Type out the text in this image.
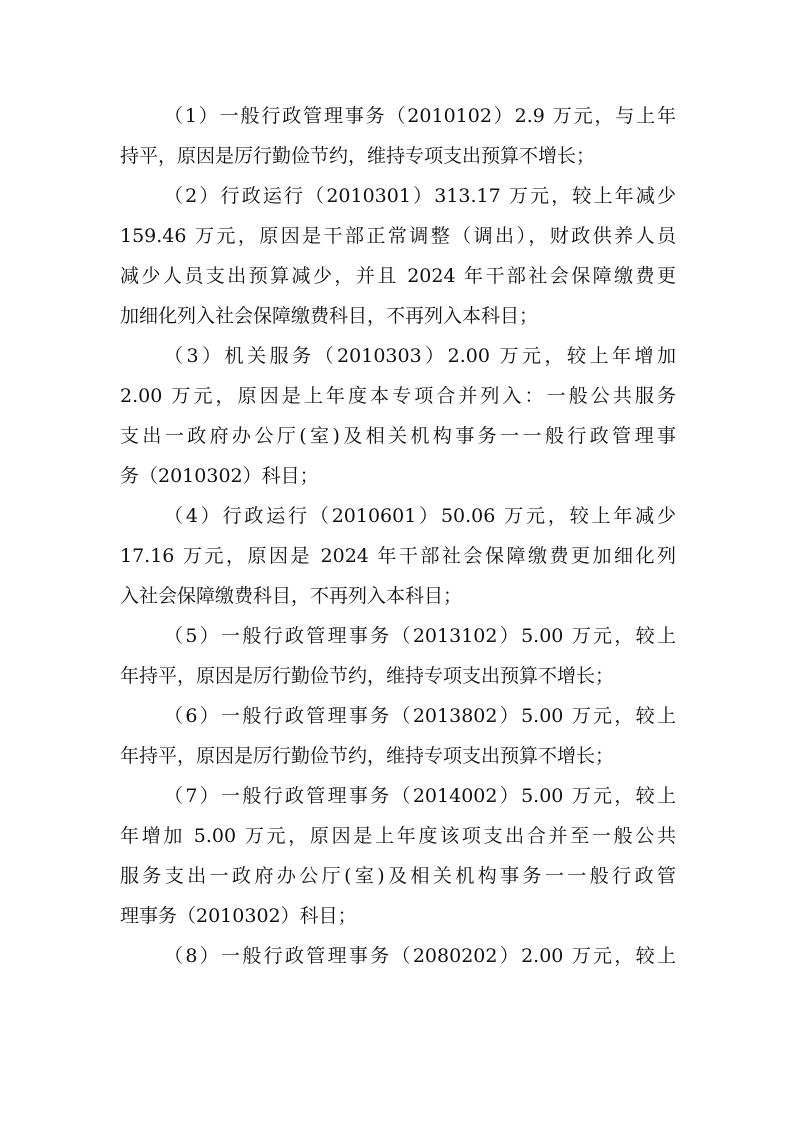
（1）一般行政管理事务（2010102）2.9 万元，与上年
持平，原因是厉行勤俭节约，维持专项支出预算不增长；
（2）行政运行（2010301）313.17 万元，较上年减少
159.46 万元，原因是干部正常调整（调出），财政供养人员
减少人员支出预算减少，并且 2024 年干部社会保障缴费更
加细化列入社会保障缴费科目，不再列入本科目；
（3）机关服务（2010303）2.00 万元，较上年增加
2.00 万元，原因是上年度本专项合并列入：一般公共服务
支出一政府办公厅(室)及相关机构事务一一般行政管理事
务（2010302）科目；
（4）行政运行（2010601）50.06 万元，较上年减少
17.16 万元，原因是 2024 年干部社会保障缴费更加细化列
入社会保障缴费科目，不再列入本科目；
（5）一般行政管理事务（2013102）5.00 万元，较上
年持平，原因是厉行勤俭节约，维持专项支出预算不增长；
（6）一般行政管理事务（2013802）5.00 万元，较上
年持平，原因是厉行勤俭节约，维持专项支出预算不增长；
（7）一般行政管理事务（2014002）5.00 万元，较上
年增加 5.00 万元，原因是上年度该项支出合并至一般公共
服务支出一政府办公厅(室)及相关机构事务一一般行政管
理事务（2010302）科目；
（8）一般行政管理事务（2080202）2.00 万元，较上
